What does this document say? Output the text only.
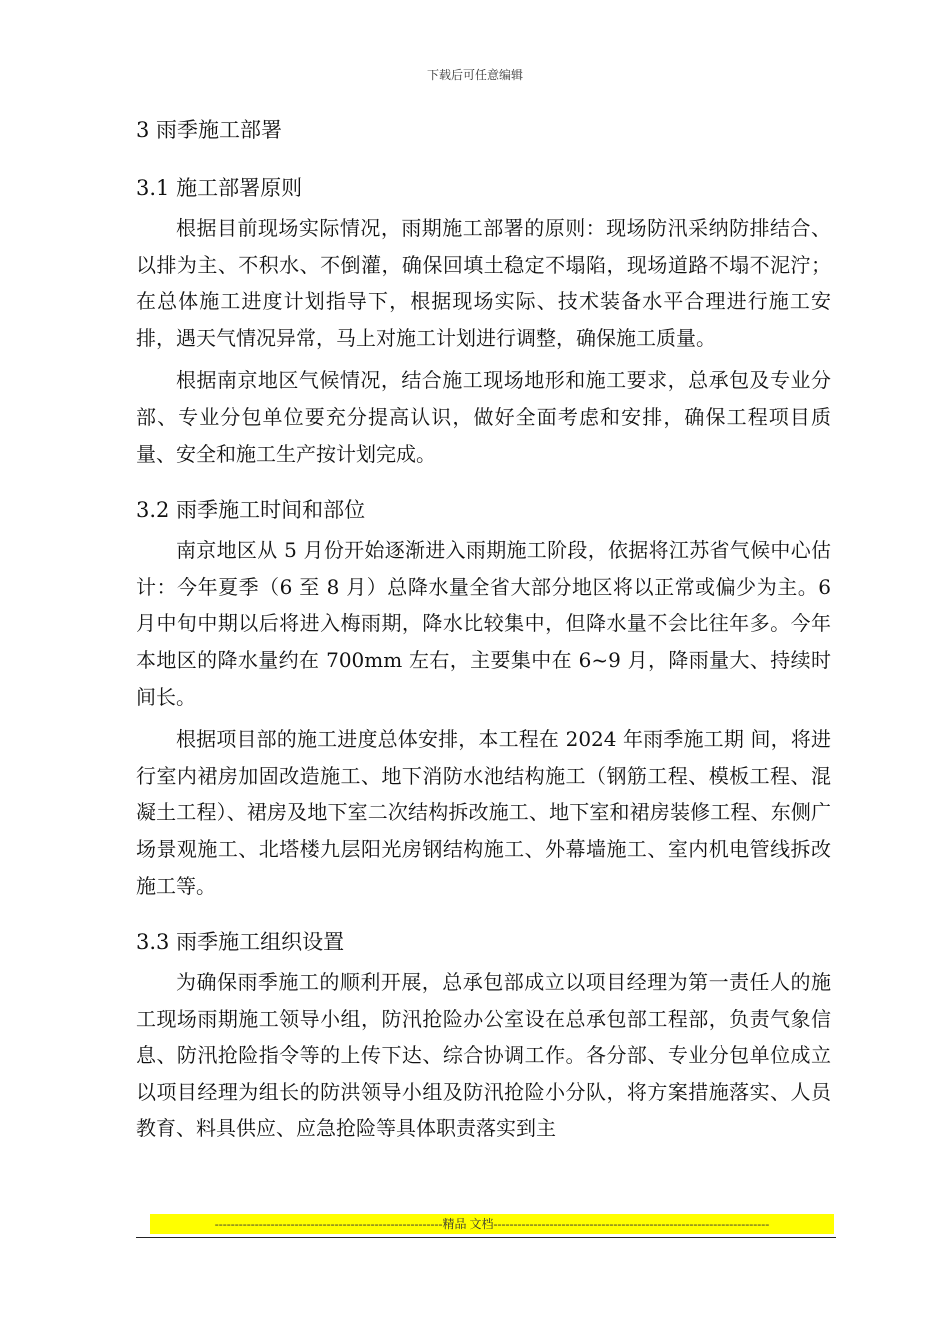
下载后可任意编辑
3 雨季施工部署
3.1 施工部署原则

根据目前现场实际情况，雨期施工部署的原则：现场防汛采纳防排结合、以排为主、不积水、不倒灌，确保回填土稳定不塌陷，现场道路不塌不泥泞；在总体施工进度计划指导下，根据现场实际、技术装备水平合理进行施工安排，遇天气情况异常，马上对施工计划进行调整，确保施工质量。

根据南京地区气候情况，结合施工现场地形和施工要求，总承包及专业分部、专业分包单位要充分提高认识，做好全面考虑和安排，确保工程项目质量、安全和施工生产按计划完成。

3.2 雨季施工时间和部位

南京地区从 5 月份开始逐渐进入雨期施工阶段，依据将江苏省气候中心估计：今年夏季（6 至 8 月）总降水量全省大部分地区将以正常或偏少为主。6 月中旬中期以后将进入梅雨期，降水比较集中，但降水量不会比往年多。今年本地区的降水量约在 700mm 左右，主要集中在 6~9 月，降雨量大、持续时间长。

根据项目部的施工进度总体安排，本工程在 2024 年雨季施工期 间，将进行室内裙房加固改造施工、地下消防水池结构施工（钢筋工程、模板工程、混凝土工程）、裙房及地下室二次结构拆改施工、地下室和裙房装修工程、东侧广场景观施工、北塔楼九层阳光房钢结构施工、外幕墙施工、室内机电管线拆改施工等。

3.3 雨季施工组织设置

为确保雨季施工的顺利开展，总承包部成立以项目经理为第一责任人的施工现场雨期施工领导小组，防汛抢险办公室设在总承包部工程部，负责气象信息、防汛抢险指令等的上传下达、综合协调工作。各分部、专业分包单位成立以项目经理为组长的防洪领导小组及防汛抢险小分队，将方案措施落实、人员教育、料具供应、应急抢险等具体职责落实到主

---------------------------------------------------------精品 文档---------------------------------------------------------------------
